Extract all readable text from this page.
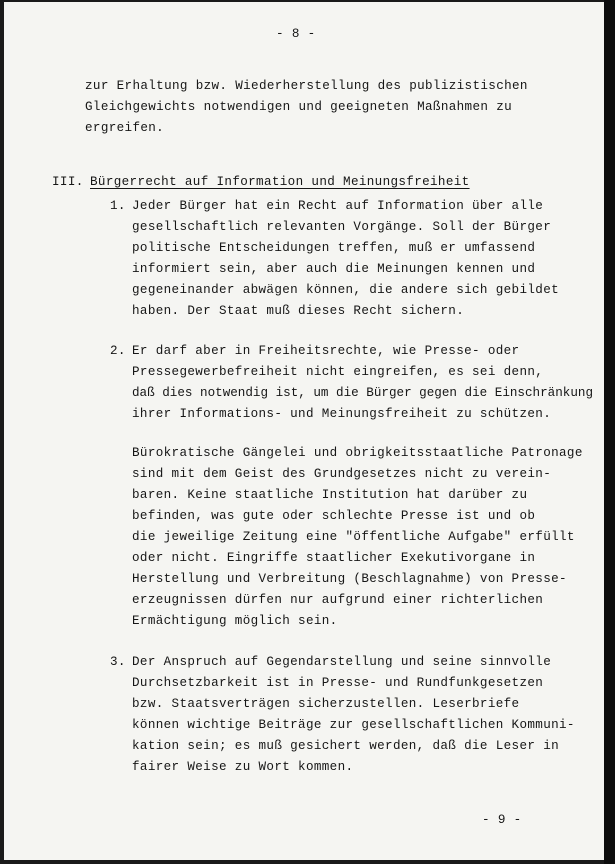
- 8 -
zur Erhaltung bzw. Wiederherstellung des publizistischen
Gleichgewichts notwendigen und geeigneten Maßnahmen zu
ergreifen.
III. Bürgerrecht auf Information und Meinungsfreiheit
1. Jeder Bürger hat ein Recht auf Information über alle
gesellschaftlich relevanten Vorgänge. Soll der Bürger
politische Entscheidungen treffen, muß er umfassend
informiert sein, aber auch die Meinungen kennen und
gegeneinander abwägen können, die andere sich gebildet
haben. Der Staat muß dieses Recht sichern.
2. Er darf aber in Freiheitsrechte, wie Presse- oder
Pressegewerbefreiheit nicht eingreifen, es sei denn,
daß dies notwendig ist, um die Bürger gegen die Einschränkung
ihrer Informations- und Meinungsfreiheit zu schützen.
Bürokratische Gängelei und obrigkeitsstaatliche Patronage
sind mit dem Geist des Grundgesetzes nicht zu verein-
baren. Keine staatliche Institution hat darüber zu
befinden, was gute oder schlechte Presse ist und ob
die jeweilige Zeitung eine "öffentliche Aufgabe" erfüllt
oder nicht. Eingriffe staatlicher Exekutivorgane in
Herstellung und Verbreitung (Beschlagnahme) von Presse-
erzeugnissen dürfen nur aufgrund einer richterlichen
Ermächtigung möglich sein.
3. Der Anspruch auf Gegendarstellung und seine sinnvolle
Durchsetzbarkeit ist in Presse- und Rundfunkgesetzen
bzw. Staatsverträgen sicherzustellen. Leserbriefe
können wichtige Beiträge zur gesellschaftlichen Kommuni-
kation sein; es muß gesichert werden, daß die Leser in
fairer Weise zu Wort kommen.
- 9 -
